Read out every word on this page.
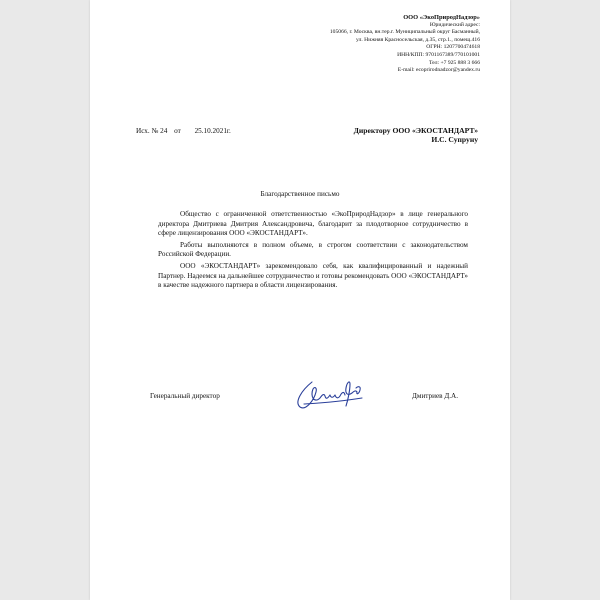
ООО «ЭкоПриродНадзор»
Юридический адрес:
105066, г. Москва, вн.тер.г. Муниципальный округ Басманный,
ул. Нижняя Красносельская, д.35, стр.1., помещ.416
ОГРН: 1207700474618
ИНН/КПП: 9701167389/770101001
Тел: +7 925 888 3 666
E-mail: ecoprirodnadzor@yandex.ru
Исх. № 24 от 25.10.2021г.	Директору ООО «ЭКОСТАНДАРТ»
И.С. Супруну
Благодарственное письмо

Общество с ограниченной ответственностью «ЭкоПриродНадзор» в лице генерального директора Дмитриева Дмитрия Александровича, благодарит за плодотворное сотрудничество в сфере лицензирования ООО «ЭКОСТАНДАРТ».

Работы выполняются в полном объеме, в строгом соответствии с законодательством Российской Федерации.

ООО «ЭКОСТАНДАРТ» зарекомендовало себя, как квалифицированный и надежный Партнер. Надеемся на дальнейшее сотрудничество и готовы рекомендовать ООО «ЭКОСТАНДАРТ» в качестве надежного партнера в области лицензирования.

Генеральный директор	Дмитриев Д.А.
